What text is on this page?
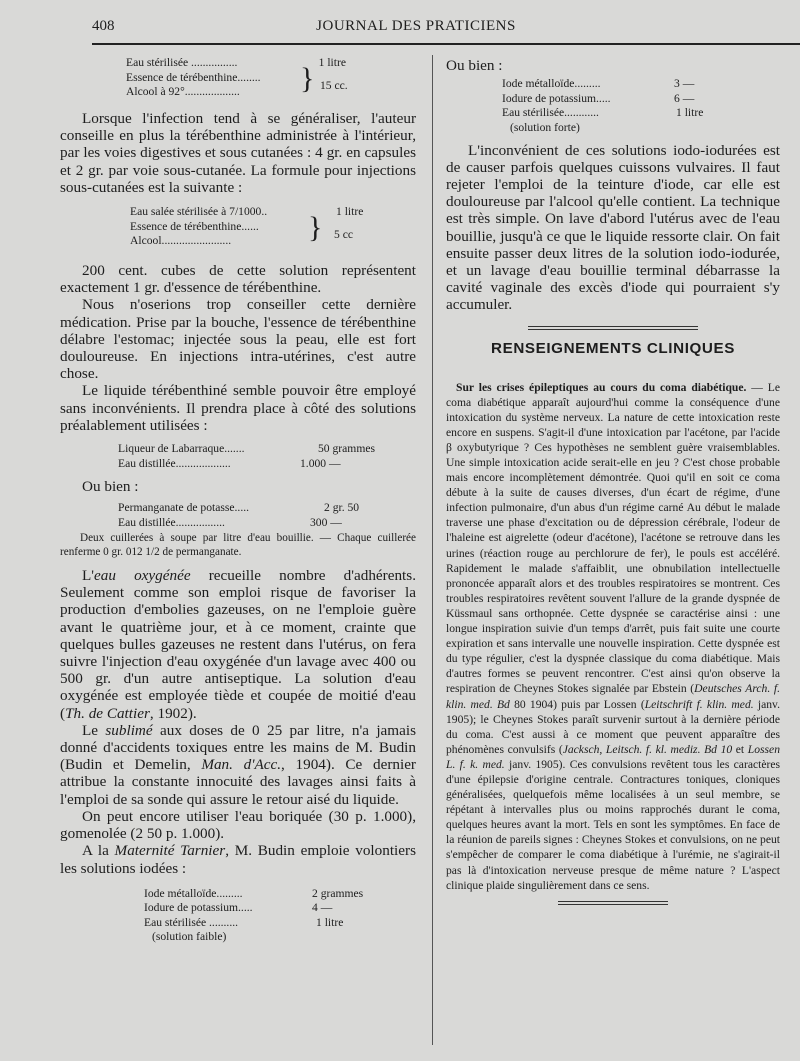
408	JOURNAL DES PRATICIENS
Eau stérilisée ................	1 litre
Essence de térébenthine........
Alcool à 92°...................	} 15 cc.

Lorsque l'infection tend à se généraliser, l'auteur conseille en plus la térébenthine administrée à l'intérieur, par les voies digestives et sous cutanées : 4 gr. en capsules et 2 gr. par voie sous-cutanée. La formule pour injections sous-cutanées est la suivante :

Eau salée stérilisée à 7/1000..	1 litre
Essence de térébenthine......
Alcool........................	} 5 cc

200 cent. cubes de cette solution représentent exactement 1 gr. d'essence de térébenthine.

Nous n'oserions trop conseiller cette dernière médication. Prise par la bouche, l'essence de térébenthine délabre l'estomac; injectée sous la peau, elle est fort douloureuse. En injections intra-utérines, c'est autre chose.

Le liquide térébenthiné semble pouvoir être employé sans inconvénients. Il prendra place à côté des solutions préalablement utilisées :

Liqueur de Labarraque.......	50 grammes
Eau distillée...................	1.000 —

Ou bien :

Permanganate de potasse.....	2 gr. 50
Eau distillée.................	300 —

Deux cuillerées à soupe par litre d'eau bouillie. — Chaque cuillerée renferme 0 gr. 012 1/2 de permanganate.

L'eau oxygénée recueille nombre d'adhérents. Seulement comme son emploi risque de favoriser la production d'embolies gazeuses, on ne l'emploie guère avant le quatrième jour, et à ce moment, crainte que quelques bulles gazeuses ne restent dans l'utérus, on fera suivre l'injection d'eau oxygénée d'un lavage avec 400 ou 500 gr. d'un autre antiseptique. La solution d'eau oxygénée est employée tiède et coupée de moitié d'eau (Th. de Cattier, 1902).

Le sublimé aux doses de 0 25 par litre, n'a jamais donné d'accidents toxiques entre les mains de M. Budin (Budin et Demelin, Man. d'Acc., 1904). Ce dernier attribue la constante innocuité des lavages ainsi faits à l'emploi de sa sonde qui assure le retour aisé du liquide.

On peut encore utiliser l'eau boriquée (30 p. 1.000), gomenolée (2 50 p. 1.000).

A la Maternité Tarnier, M. Budin emploie volontiers les solutions iodées :

Iode métalloïde.........	2 grammes
Iodure de potassium.....	4 —
Eau stérilisée ..........	1 litre
(solution faible)

Ou bien :

Iode métalloïde.........	3 —
Iodure de potassium.....	6 —
Eau stérilisée............	1 litre
(solution forte)

L'inconvénient de ces solutions iodo-iodurées est de causer parfois quelques cuissons vulvaires. Il faut rejeter l'emploi de la teinture d'iode, car elle est douloureuse par l'alcool qu'elle contient. La technique est très simple. On lave d'abord l'utérus avec de l'eau bouillie, jusqu'à ce que le liquide ressorte clair. On fait ensuite passer deux litres de la solution iodo-iodurée, et un lavage d'eau bouillie terminal débarrasse la cavité vaginale des excès d'iode qui pourraient s'y accumuler.

RENSEIGNEMENTS CLINIQUES

Sur les crises épileptiques au cours du coma diabétique. — Le coma diabétique apparaît aujourd'hui comme la conséquence d'une intoxication du système nerveux. La nature de cette intoxication reste encore en suspens. S'agit-il d'une intoxication par l'acétone, par l'acide β oxybutyrique ? Ces hypothèses ne semblent guère vraisemblables. Une simple intoxication acide serait-elle en jeu ? C'est chose probable mais encore incomplètement démontrée. Quoi qu'il en soit ce coma débute à la suite de causes diverses, d'un écart de régime, d'une infection pulmonaire, d'un abus d'un régime carné Au début le malade traverse une phase d'excitation ou de dépression cérébrale, l'odeur de l'haleine est aigrelette (odeur d'acétone), l'acétone se retrouve dans les urines (réaction rouge au perchlorure de fer), le pouls est accéléré. Rapidement le malade s'affaiblit, une obnubilation intellectuelle prononcée apparaît alors et des troubles respiratoires se montrent. Ces troubles respiratoires revêtent souvent l'allure de la grande dyspnée de Küssmaul sans orthopnée. Cette dyspnée se caractérise ainsi : une longue inspiration suivie d'un temps d'arrêt, puis fait suite une courte expiration et sans intervalle une nouvelle inspiration. Cette dyspnée est du type régulier, c'est la dyspnée classique du coma diabétique. Mais d'autres formes se peuvent rencontrer. C'est ainsi qu'on observe la respiration de Cheynes Stokes signalée par Ebstein (Deutsches Arch. f. klin. med. Bd 80 1904) puis par Lossen (Leitschrift f. klin. med. janv. 1905); le Cheynes Stokes paraît survenir surtout à la dernière période du coma. C'est aussi à ce moment que peuvent apparaître des phénomènes convulsifs (Jacksch, Leitsch. f. kl. mediz. Bd 10 et Lossen L. f. k. med. janv. 1905). Ces convulsions revêtent tous les caractères d'une épilepsie d'origine centrale. Contractures toniques, cloniques généralisées, quelquefois même localisées à un seul membre, se répétant à intervalles plus ou moins rapprochés durant le coma, quelques heures avant la mort. Tels en sont les symptômes. En face de la réunion de pareils signes : Cheynes Stokes et convulsions, on ne peut s'empêcher de comparer le coma diabétique à l'urémie, ne s'agirait-il pas là d'intoxication nerveuse presque de même nature ? L'aspect clinique plaide singulièrement dans ce sens.
